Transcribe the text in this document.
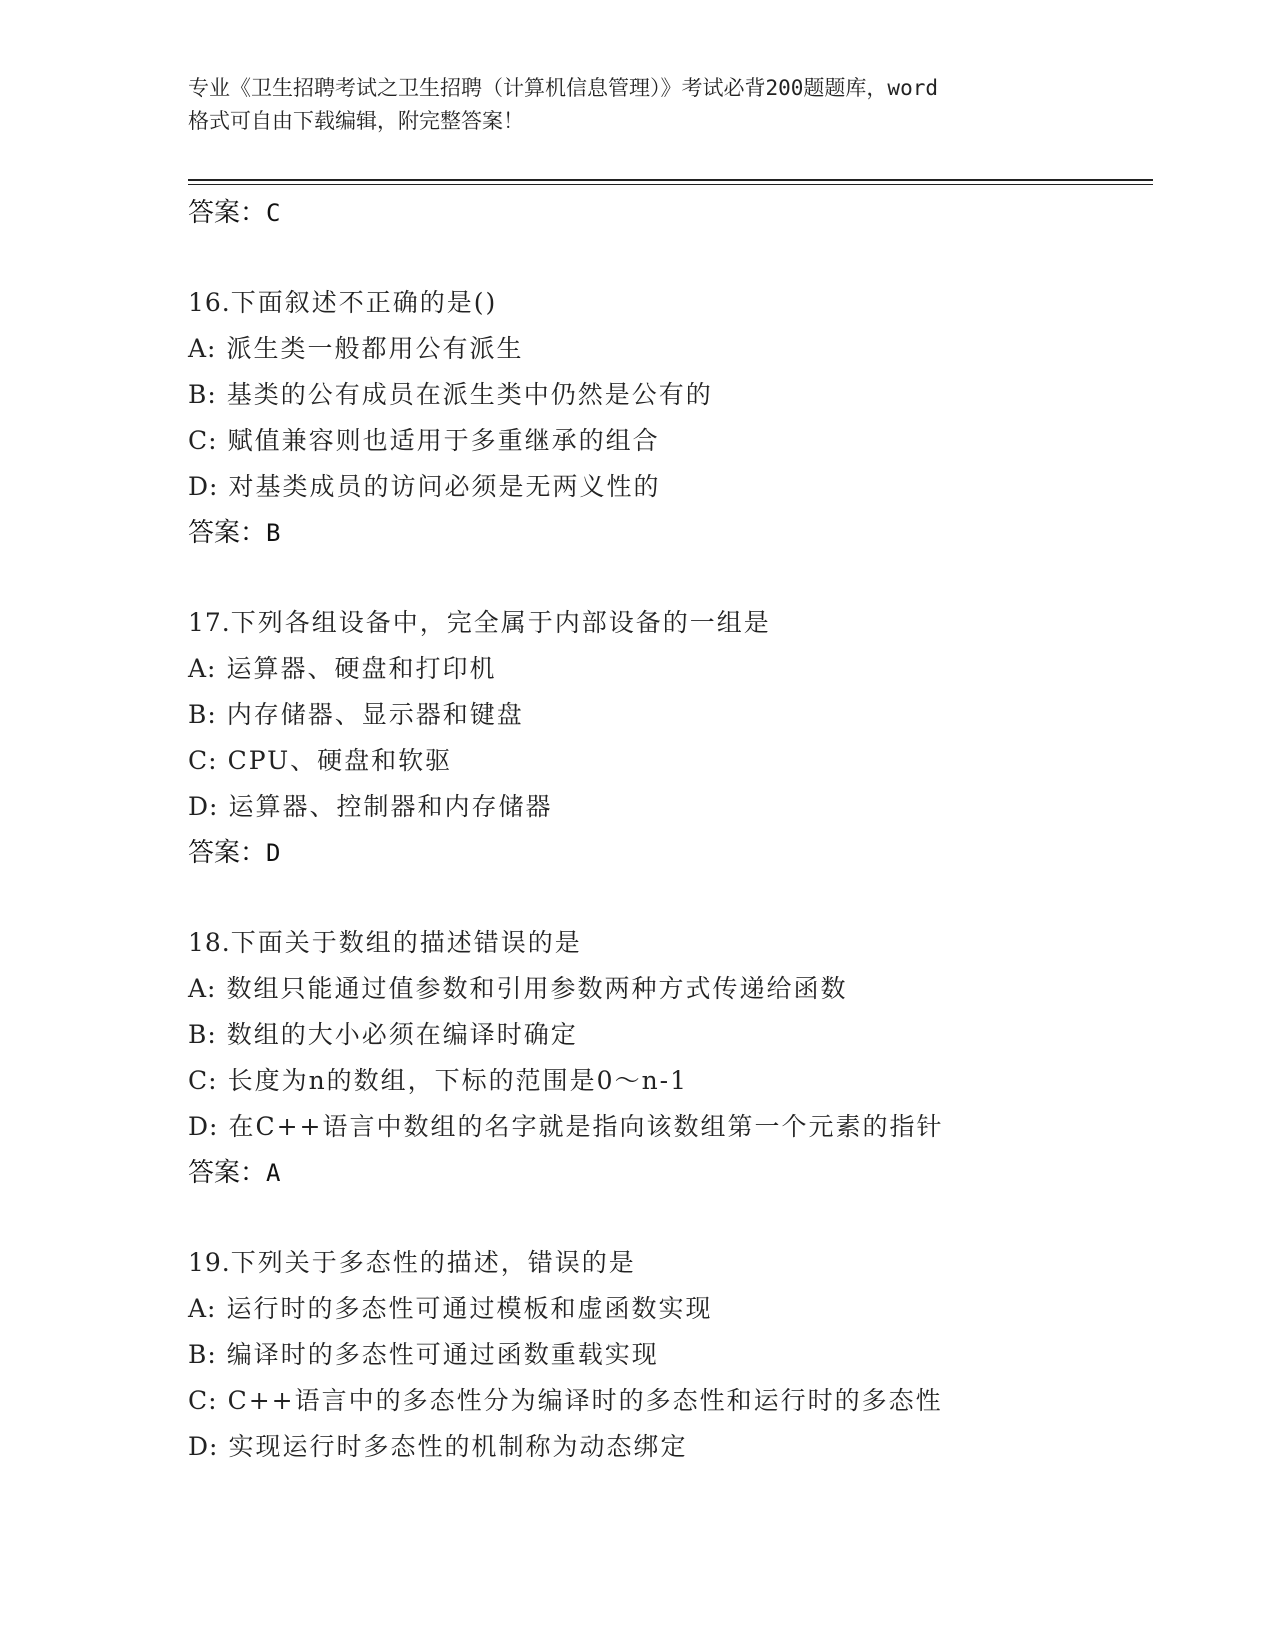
专业《卫生招聘考试之卫生招聘（计算机信息管理）》考试必背200题题库，word
格式可自由下载编辑，附完整答案！
答案：C
16.下面叙述不正确的是()
A: 派生类一般都用公有派生
B: 基类的公有成员在派生类中仍然是公有的
C: 赋值兼容则也适用于多重继承的组合
D: 对基类成员的访问必须是无两义性的
答案：B
17.下列各组设备中，完全属于内部设备的一组是
A: 运算器、硬盘和打印机
B: 内存储器、显示器和键盘
C: CPU、硬盘和软驱
D: 运算器、控制器和内存储器
答案：D
18.下面关于数组的描述错误的是
A: 数组只能通过值参数和引用参数两种方式传递给函数
B: 数组的大小必须在编译时确定
C: 长度为n的数组，下标的范围是0～n-1
D: 在C++语言中数组的名字就是指向该数组第一个元素的指针
答案：A
19.下列关于多态性的描述，错误的是
A: 运行时的多态性可通过模板和虚函数实现
B: 编译时的多态性可通过函数重载实现
C: C++语言中的多态性分为编译时的多态性和运行时的多态性
D: 实现运行时多态性的机制称为动态绑定
